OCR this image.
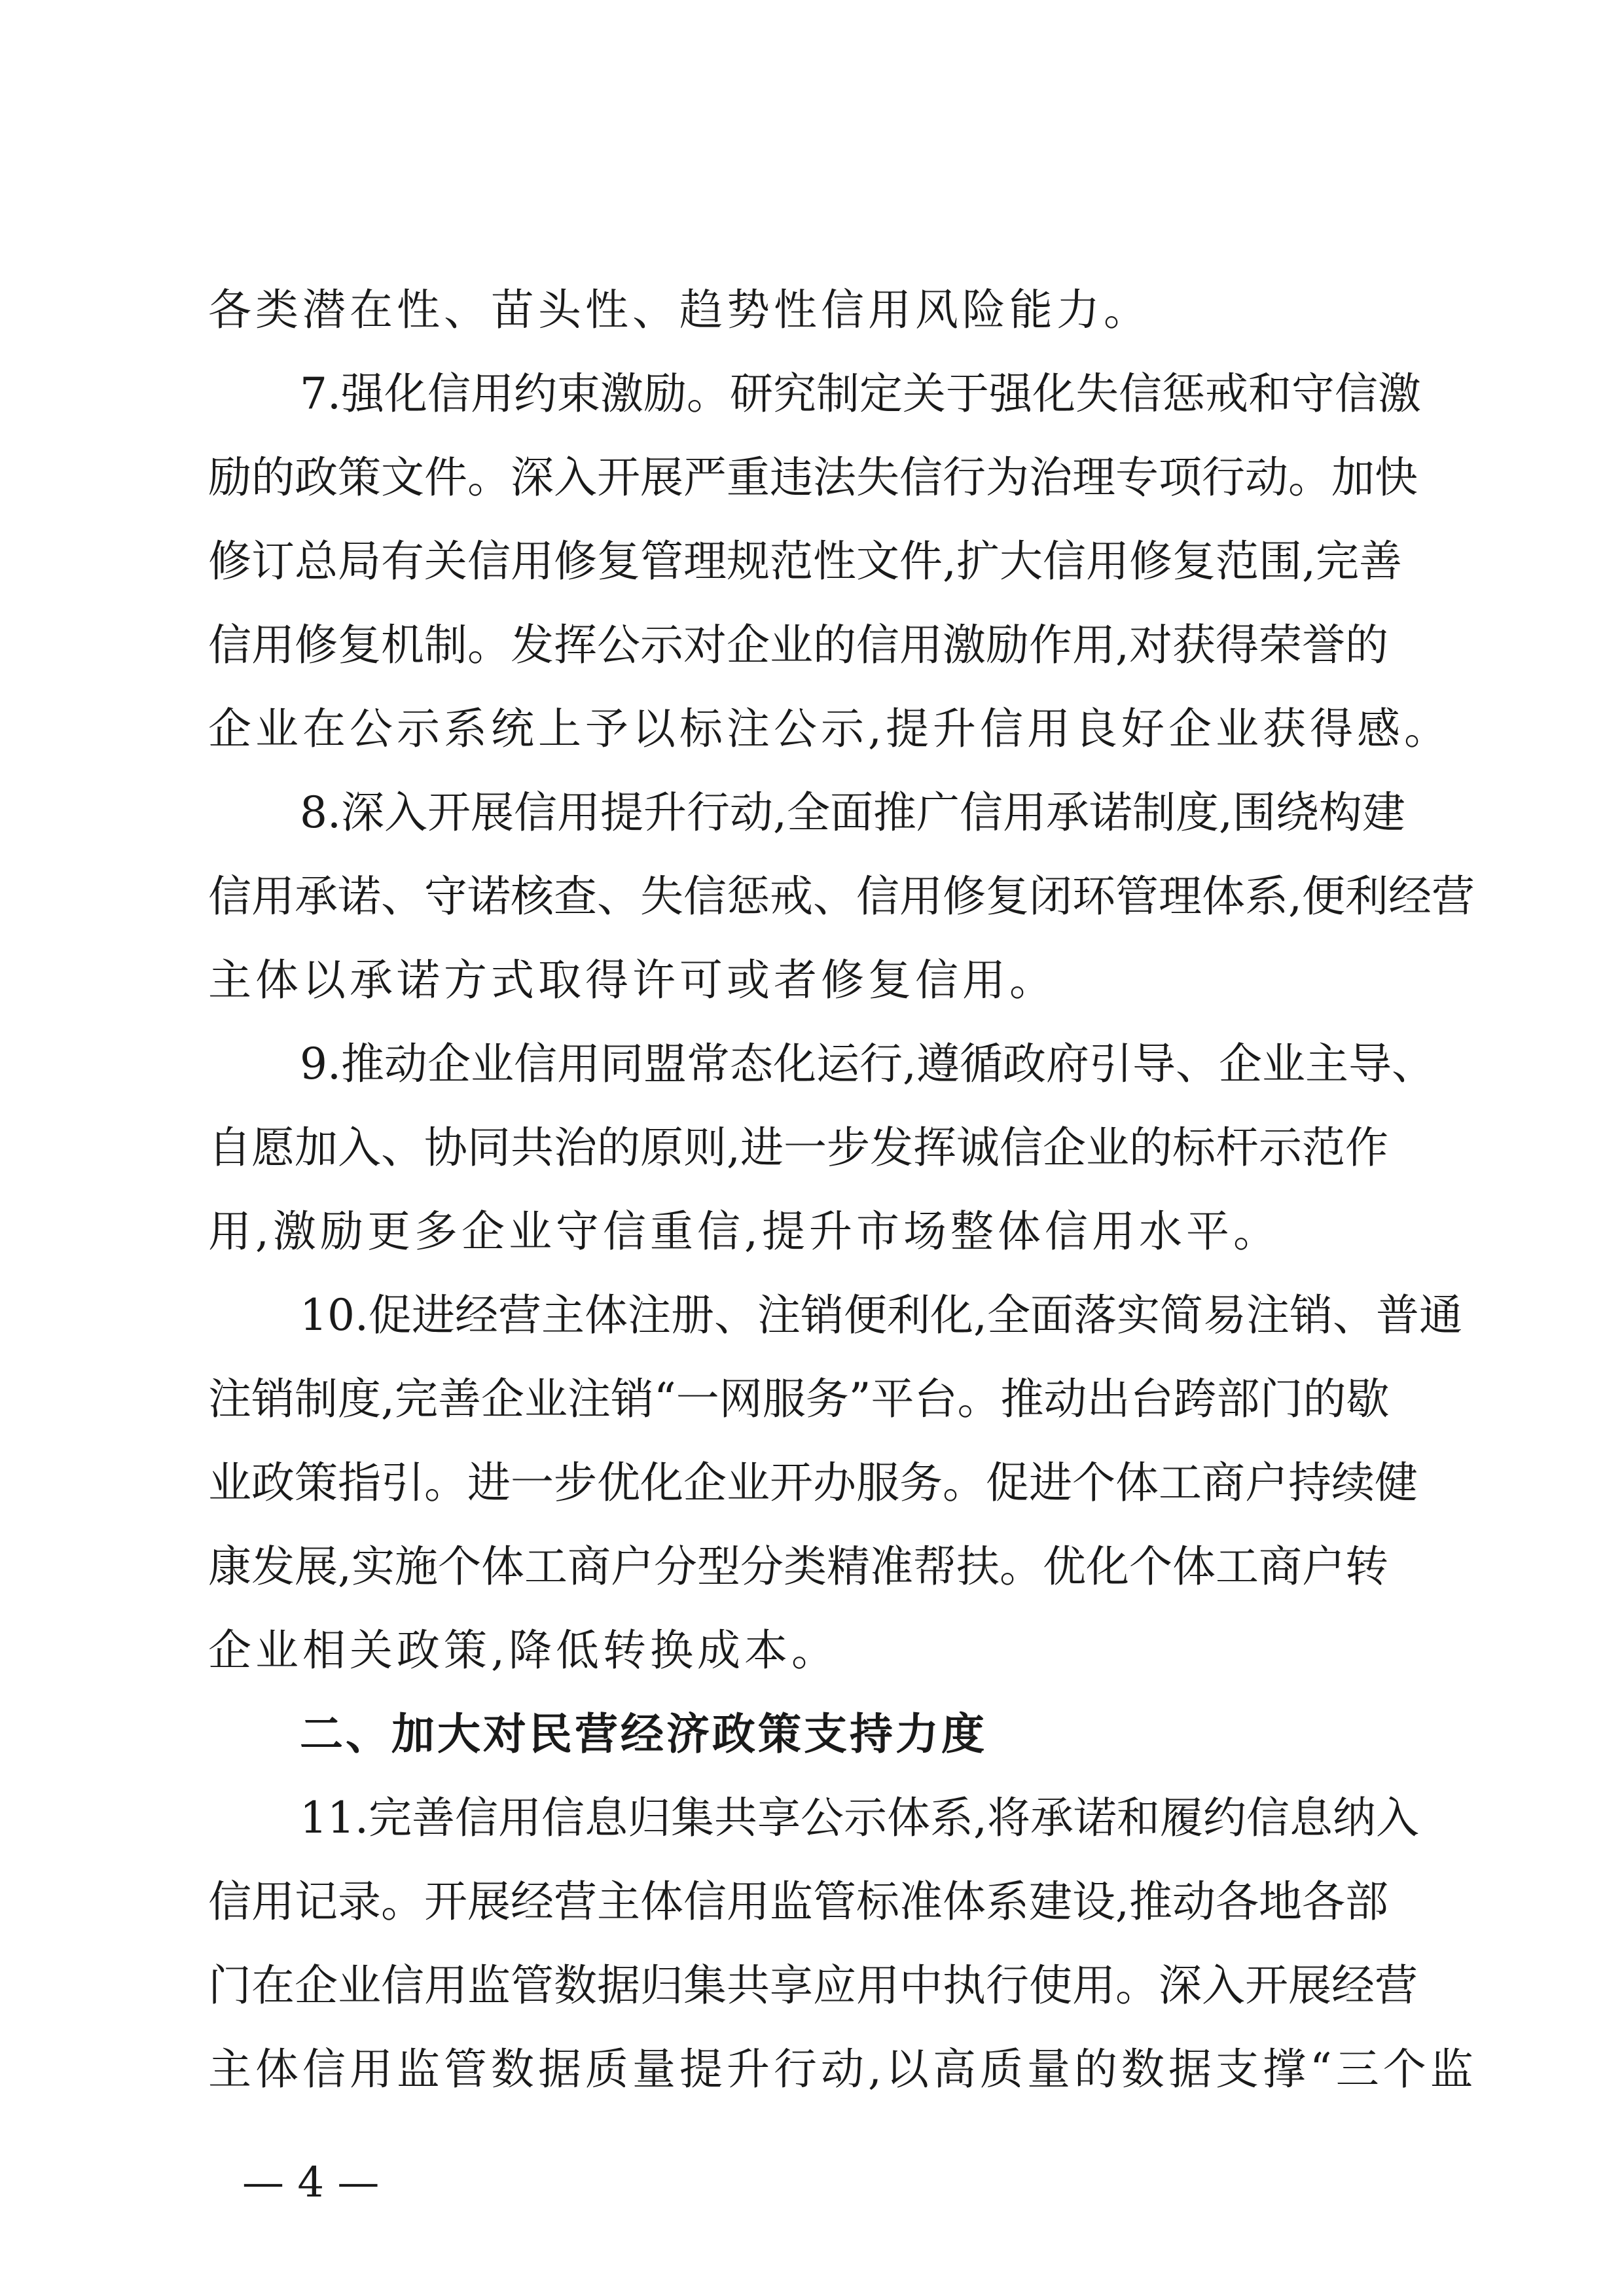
各类潜在性、苗头性、趋势性信用风险能力。
7.强化信用约束激励。研究制定关于强化失信惩戒和守信激
励的政策文件。深入开展严重违法失信行为治理专项行动。加快
修订总局有关信用修复管理规范性文件,扩大信用修复范围,完善
信用修复机制。发挥公示对企业的信用激励作用,对获得荣誉的
企业在公示系统上予以标注公示,提升信用良好企业获得感。
8.深入开展信用提升行动,全面推广信用承诺制度,围绕构建
信用承诺、守诺核查、失信惩戒、信用修复闭环管理体系,便利经营
主体以承诺方式取得许可或者修复信用。
9.推动企业信用同盟常态化运行,遵循政府引导、企业主导、
自愿加入、协同共治的原则,进一步发挥诚信企业的标杆示范作
用,激励更多企业守信重信,提升市场整体信用水平。
10.促进经营主体注册、注销便利化,全面落实简易注销、普通
注销制度,完善企业注销“一网服务”平台。推动出台跨部门的歇
业政策指引。进一步优化企业开办服务。促进个体工商户持续健
康发展,实施个体工商户分型分类精准帮扶。优化个体工商户转
企业相关政策,降低转换成本。
二、加大对民营经济政策支持力度
11.完善信用信息归集共享公示体系,将承诺和履约信息纳入
信用记录。开展经营主体信用监管标准体系建设,推动各地各部
门在企业信用监管数据归集共享应用中执行使用。深入开展经营
主体信用监管数据质量提升行动,以高质量的数据支撑“三个监
— 4 —
